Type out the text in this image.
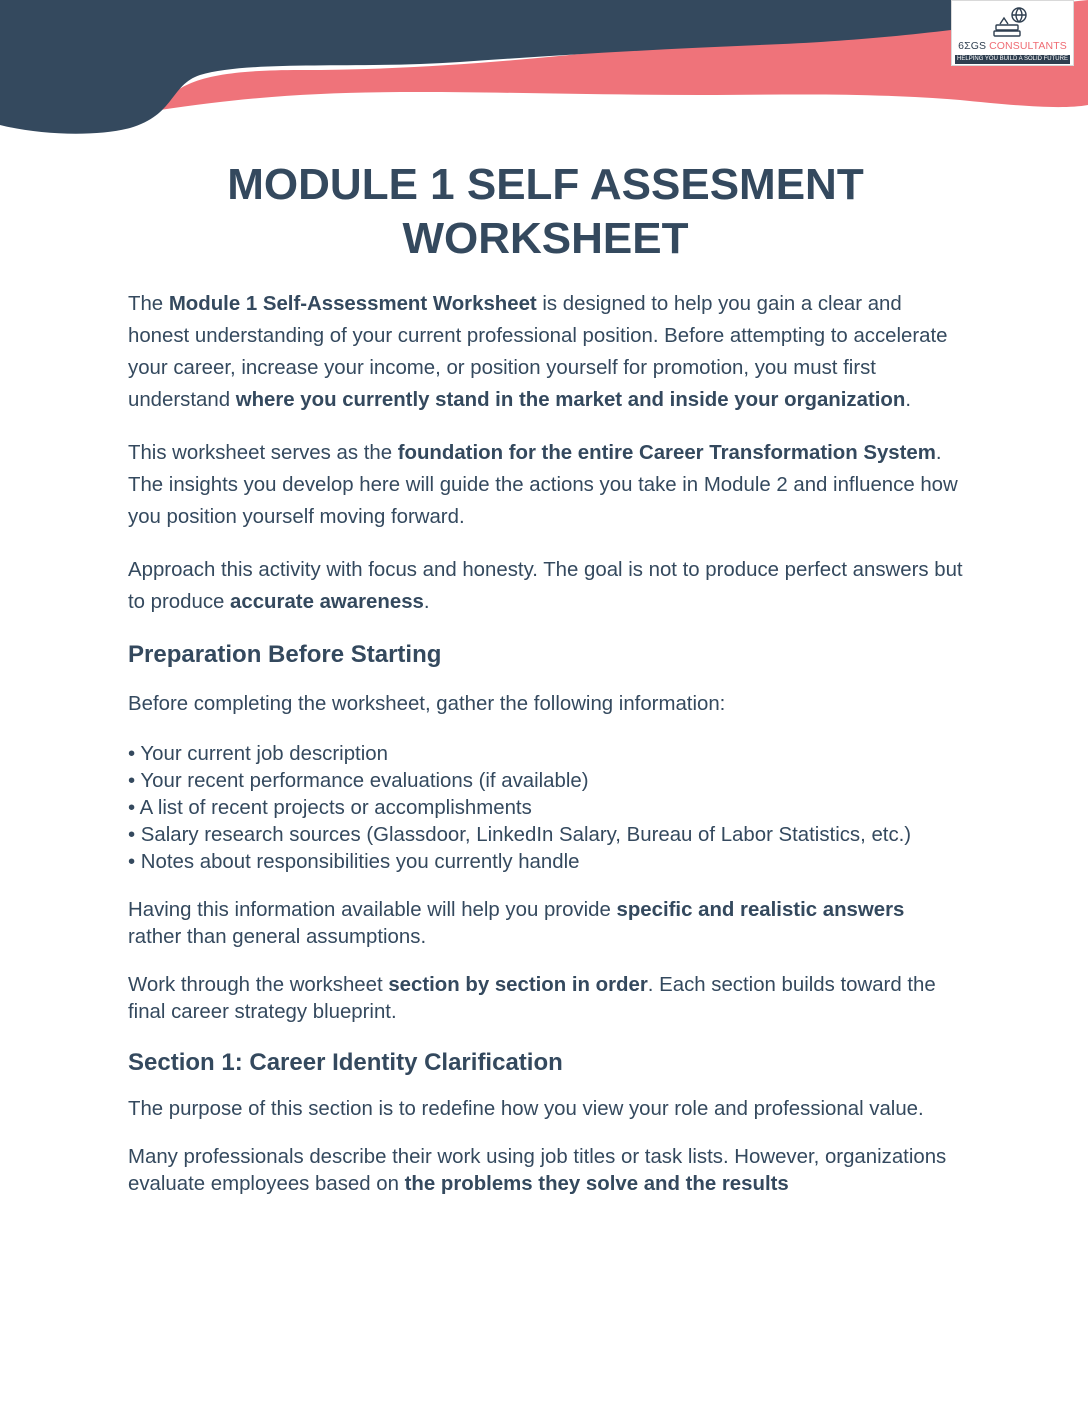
6ΣGS CONSULTANTS
HELPING YOU BUILD A SOLID FUTURE
MODULE 1 SELF ASSESMENT
WORKSHEET

The Module 1 Self-Assessment Worksheet is designed to help you gain a clear and honest understanding of your current professional position. Before attempting to accelerate your career, increase your income, or position yourself for promotion, you must first understand where you currently stand in the market and inside your organization.

This worksheet serves as the foundation for the entire Career Transformation System. The insights you develop here will guide the actions you take in Module 2 and influence how you position yourself moving forward.

Approach this activity with focus and honesty. The goal is not to produce perfect answers but to produce accurate awareness.

Preparation Before Starting

Before completing the worksheet, gather the following information:

• Your current job description
• Your recent performance evaluations (if available)
• A list of recent projects or accomplishments
• Salary research sources (Glassdoor, LinkedIn Salary, Bureau of Labor Statistics, etc.)
• Notes about responsibilities you currently handle

Having this information available will help you provide specific and realistic answers rather than general assumptions.

Work through the worksheet section by section in order. Each section builds toward the final career strategy blueprint.

Section 1: Career Identity Clarification

The purpose of this section is to redefine how you view your role and professional value.

Many professionals describe their work using job titles or task lists. However, organizations evaluate employees based on the problems they solve and the results
